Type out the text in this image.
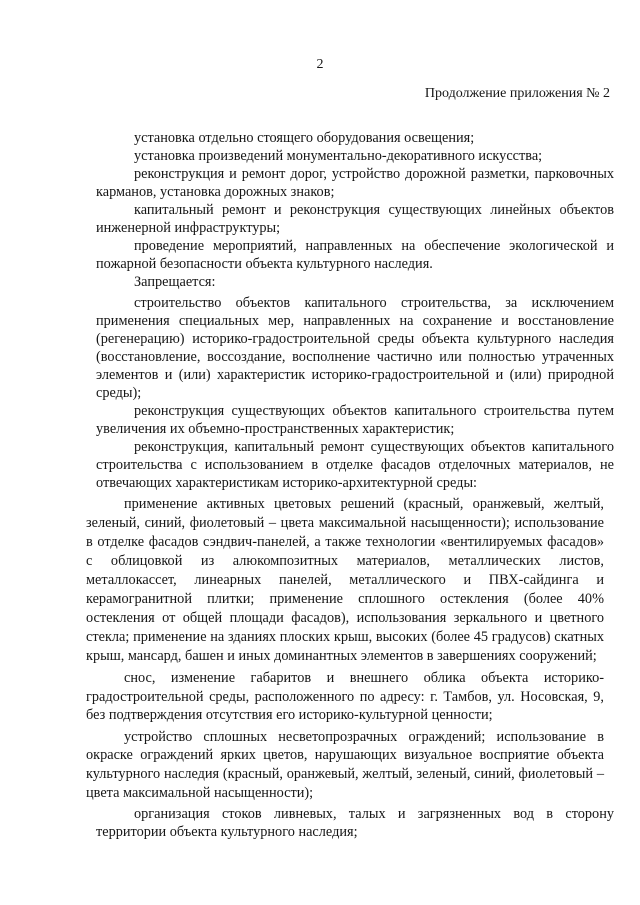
2
Продолжение приложения № 2

установка отдельно стоящего оборудования освещения;

установка произведений монументально-декоративного искусства;

реконструкция и ремонт дорог, устройство дорожной разметки, парковочных карманов, установка дорожных знаков;

капитальный ремонт и реконструкция существующих линейных объектов инженерной инфраструктуры;

проведение мероприятий, направленных на обеспечение экологической и пожарной безопасности объекта культурного наследия.

Запрещается:

строительство объектов капитального строительства, за исключением применения специальных мер, направленных на сохранение и восстановление (регенерацию) историко-градостроительной среды объекта культурного наследия (восстановление, воссоздание, восполнение частично или полностью утраченных элементов и (или) характеристик историко-градостроительной и (или) природной среды);

реконструкция существующих объектов капитального строительства путем увеличения их объемно-пространственных характеристик;

реконструкция, капитальный ремонт существующих объектов капитального строительства с использованием в отделке фасадов отделочных материалов, не отвечающих характеристикам историко-архитектурной среды:

применение активных цветовых решений (красный, оранжевый, желтый, зеленый, синий, фиолетовый – цвета максимальной насыщенности); использование в отделке фасадов сэндвич-панелей, а также технологии «вентилируемых фасадов» с облицовкой из алюкомпозитных материалов, металлических листов, металлокассет, линеарных панелей, металлического и ПВХ-сайдинга и керамогранитной плитки; применение сплошного остекления (более 40% остекления от общей площади фасадов), использования зеркального и цветного стекла; применение на зданиях плоских крыш, высоких (более 45 градусов) скатных крыш, мансард, башен и иных доминантных элементов в завершениях сооружений;

снос, изменение габаритов и внешнего облика объекта историко-градостроительной среды, расположенного по адресу: г. Тамбов, ул. Носовская, 9, без подтверждения отсутствия его историко-культурной ценности;

устройство сплошных несветопрозрачных ограждений; использование в окраске ограждений ярких цветов, нарушающих визуальное восприятие объекта культурного наследия (красный, оранжевый, желтый, зеленый, синий, фиолетовый – цвета максимальной насыщенности);

организация стоков ливневых, талых и загрязненных вод в сторону территории объекта культурного наследия;
